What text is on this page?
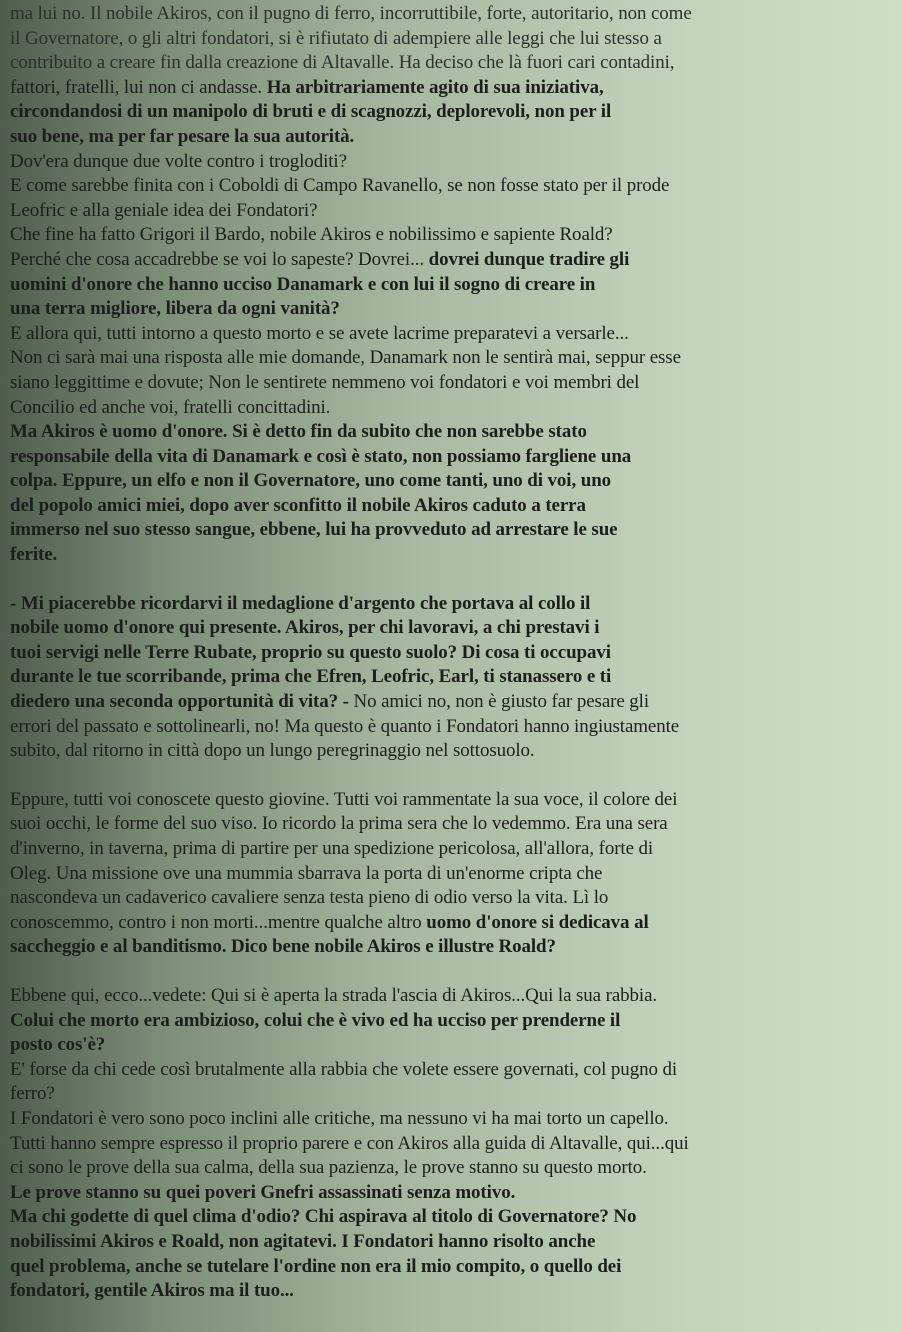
ma lui no. Il nobile Akiros, con il pugno di ferro, incorruttibile, forte, autoritario, non come

il Governatore, o gli altri fondatori, si è rifiutato di adempiere alle leggi che lui stesso a

contribuito a creare fin dalla creazione di Altavalle. Ha deciso che là fuori cari contadini,

fattori, fratelli, lui non ci andasse. Ha arbitrariamente agito di sua iniziativa,

circondandosi di un manipolo di bruti e di scagnozzi, deplorevoli, non per il

suo bene, ma per far pesare la sua autorità.

Dov'era dunque due volte contro i trogloditi?

E come sarebbe finita con i Coboldi di Campo Ravanello, se non fosse stato per il prode

Leofric e alla geniale idea dei Fondatori?

Che fine ha fatto Grigori il Bardo, nobile Akiros e nobilissimo e sapiente Roald?

Perché che cosa accadrebbe se voi lo sapeste? Dovrei... dovrei dunque tradire gli

uomini d'onore che hanno ucciso Danamark e con lui il sogno di creare in

una terra migliore, libera da ogni vanità?

E allora qui, tutti intorno a questo morto e se avete lacrime preparatevi a versarle...

Non ci sarà mai una risposta alle mie domande, Danamark non le sentirà mai, seppur esse

siano leggittime e dovute; Non le sentirete nemmeno voi fondatori e voi membri del

Concilio ed anche voi, fratelli concittadini.

Ma Akiros è uomo d'onore. Si è detto fin da subito che non sarebbe stato

responsabile della vita di Danamark e così è stato, non possiamo fargliene una

colpa. Eppure, un elfo e non il Governatore, uno come tanti, uno di voi, uno

del popolo amici miei, dopo aver sconfitto il nobile Akiros caduto a terra

immerso nel suo stesso sangue, ebbene, lui ha provveduto ad arrestare le sue

ferite.

- Mi piacerebbe ricordarvi il medaglione d'argento che portava al collo il

nobile uomo d'onore qui presente. Akiros, per chi lavoravi, a chi prestavi i

tuoi servigi nelle Terre Rubate, proprio su questo suolo? Di cosa ti occupavi

durante le tue scorribande, prima che Efren, Leofric, Earl, ti stanassero e ti

diedero una seconda opportunità di vita? - No amici no, non è giusto far pesare gli

errori del passato e sottolinearli, no! Ma questo è quanto i Fondatori hanno ingiustamente

subito, dal ritorno in città dopo un lungo peregrinaggio nel sottosuolo.

Eppure, tutti voi conoscete questo giovine. Tutti voi rammentate la sua voce, il colore dei

suoi occhi, le forme del suo viso. Io ricordo la prima sera che lo vedemmo. Era una sera

d'inverno, in taverna, prima di partire per una spedizione pericolosa, all'allora, forte di

Oleg. Una missione ove una mummia sbarrava la porta di un'enorme cripta che

nascondeva un cadaverico cavaliere senza testa pieno di odio verso la vita. Lì lo

conoscemmo, contro i non morti...mentre qualche altro uomo d'onore si dedicava al

saccheggio e al banditismo. Dico bene nobile Akiros e illustre Roald?

Ebbene qui, ecco...vedete: Qui si è aperta la strada l'ascia di Akiros...Qui la sua rabbia.

Colui che morto era ambizioso, colui che è vivo ed ha ucciso per prenderne il

posto cos'è?

E' forse da chi cede così brutalmente alla rabbia che volete essere governati, col pugno di

ferro?

I Fondatori è vero sono poco inclini alle critiche, ma nessuno vi ha mai torto un capello.

Tutti hanno sempre espresso il proprio parere e con Akiros alla guida di Altavalle, qui...qui

ci sono le prove della sua calma, della sua pazienza, le prove stanno su questo morto.

Le prove stanno su quei poveri Gnefri assassinati senza motivo.

Ma chi godette di quel clima d'odio? Chi aspirava al titolo di Governatore? No

nobilissimi Akiros e Roald, non agitatevi. I Fondatori hanno risolto anche

quel problema, anche se tutelare l'ordine non era il mio compito, o quello dei

fondatori, gentile Akiros ma il tuo...
